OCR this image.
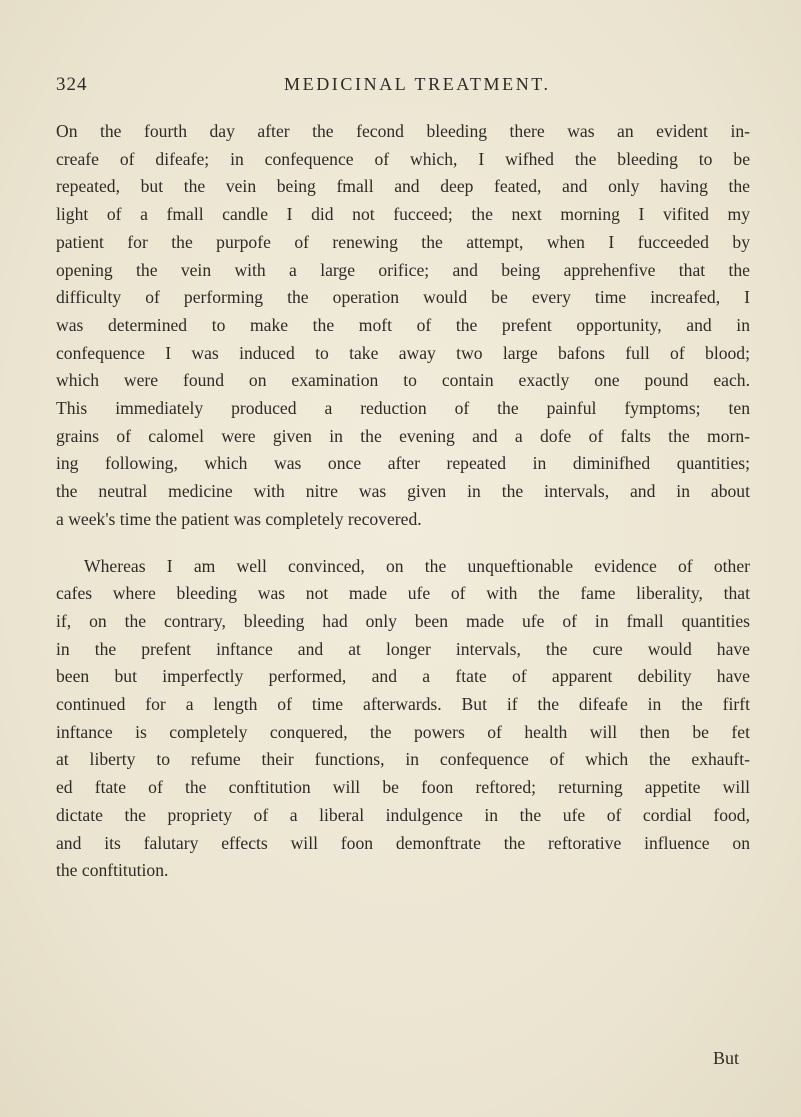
324	MEDICINAL TREATMENT.

On the fourth day after the fecond bleeding there was an evident in-
creafe of difeafe; in confequence of which, I wifhed the bleeding to be
repeated, but the vein being fmall and deep feated, and only having the
light of a fmall candle I did not fucceed; the next morning I vifited my
patient for the purpofe of renewing the attempt, when I fucceeded by
opening the vein with a large orifice; and being apprehenfive that the
difficulty of performing the operation would be every time increafed, I
was determined to make the moft of the prefent opportunity, and in
confequence I was induced to take away two large bafons full of blood;
which were found on examination to contain exactly one pound each.
This immediately produced a reduction of the painful fymptoms; ten
grains of calomel were given in the evening and a dofe of falts the morn-
ing following, which was once after repeated in diminifhed quantities;
the neutral medicine with nitre was given in the intervals, and in about
a week's time the patient was completely recovered.

Whereas I am well convinced, on the unqueftionable evidence of other
cafes where bleeding was not made ufe of with the fame liberality, that
if, on the contrary, bleeding had only been made ufe of in fmall quantities
in the prefent inftance and at longer intervals, the cure would have
been but imperfectly performed, and a ftate of apparent debility have
continued for a length of time afterwards. But if the difeafe in the firft
inftance is completely conquered, the powers of health will then be fet
at liberty to refume their functions, in confequence of which the exhauft-
ed ftate of the conftitution will be foon reftored; returning appetite will
dictate the propriety of a liberal indulgence in the ufe of cordial food,
and its falutary effects will foon demonftrate the reftorative influence on
the conftitution.

But
